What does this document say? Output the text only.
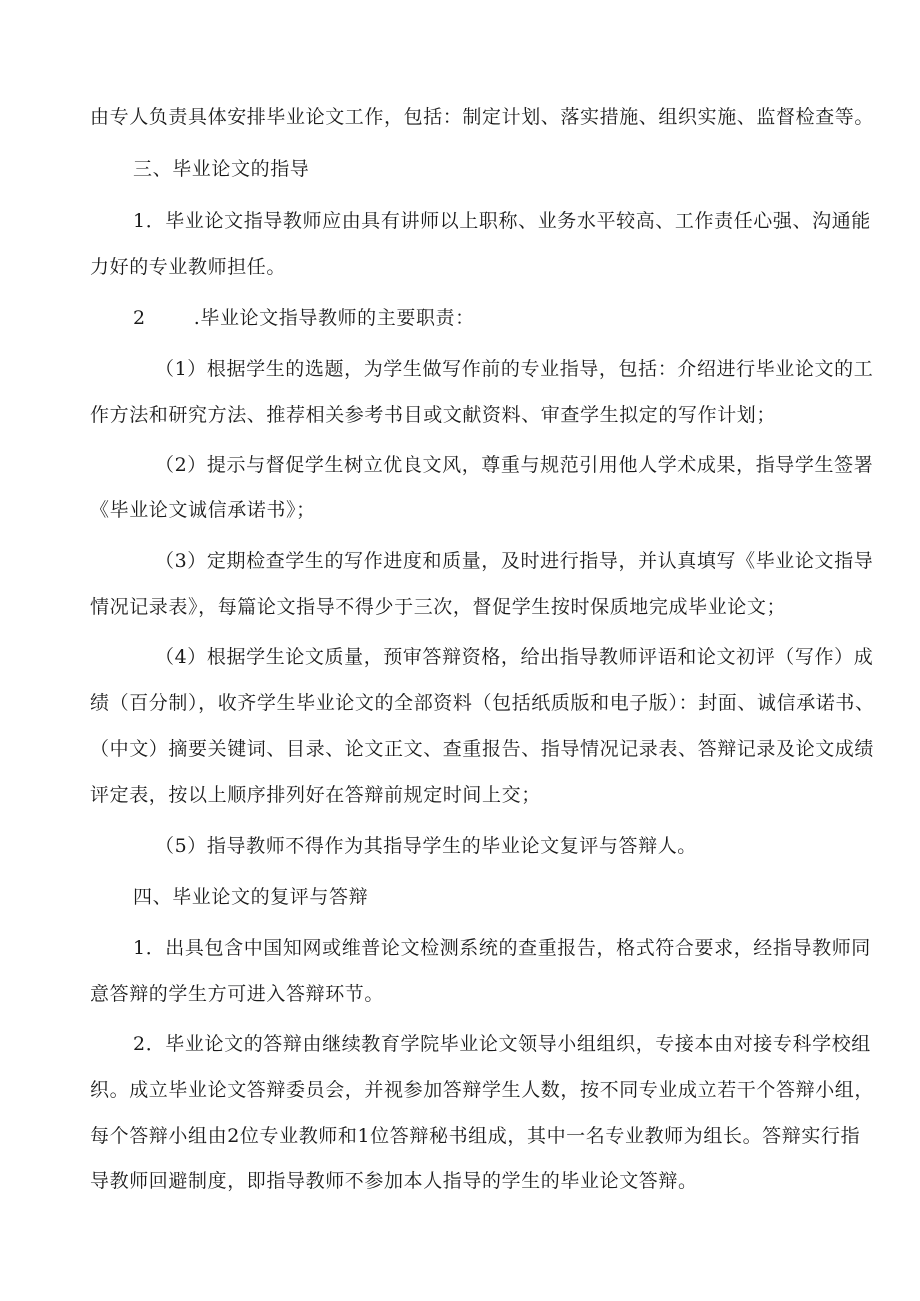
由专人负责具体安排毕业论文工作，包括：制定计划、落实措施、组织实施、监督检查等。
三、毕业论文的指导
1．毕业论文指导教师应由具有讲师以上职称、业务水平较高、工作责任心强、沟通能
力好的专业教师担任。
2	.毕业论文指导教师的主要职责：
（1）根据学生的选题，为学生做写作前的专业指导，包括：介绍进行毕业论文的工
作方法和研究方法、推荐相关参考书目或文献资料、审查学生拟定的写作计划；
（2）提示与督促学生树立优良文风，尊重与规范引用他人学术成果，指导学生签署
《毕业论文诚信承诺书》；
（3）定期检查学生的写作进度和质量，及时进行指导，并认真填写《毕业论文指导
情况记录表》，每篇论文指导不得少于三次，督促学生按时保质地完成毕业论文；
（4）根据学生论文质量，预审答辩资格，给出指导教师评语和论文初评（写作）成
绩（百分制），收齐学生毕业论文的全部资料（包括纸质版和电子版）：封面、诚信承诺书、
（中文）摘要关键词、目录、论文正文、查重报告、指导情况记录表、答辩记录及论文成绩
评定表，按以上顺序排列好在答辩前规定时间上交；
（5）指导教师不得作为其指导学生的毕业论文复评与答辩人。
四、毕业论文的复评与答辩
1．出具包含中国知网或维普论文检测系统的查重报告，格式符合要求，经指导教师同
意答辩的学生方可进入答辩环节。
2．毕业论文的答辩由继续教育学院毕业论文领导小组组织，专接本由对接专科学校组
织。成立毕业论文答辩委员会，并视参加答辩学生人数，按不同专业成立若干个答辩小组，
每个答辩小组由2位专业教师和1位答辩秘书组成，其中一名专业教师为组长。答辩实行指
导教师回避制度，即指导教师不参加本人指导的学生的毕业论文答辩。
